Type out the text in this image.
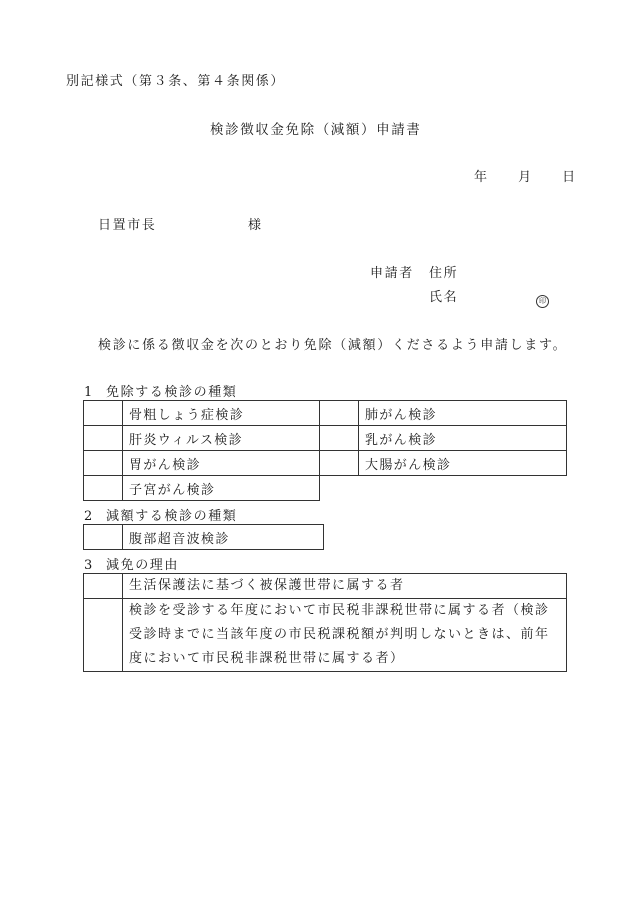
別記様式（第３条、第４条関係）
検診徴収金免除（減額）申請書
年 月 日
日置市長	様
申請者 住所
氏名	印
検診に係る徴収金を次のとおり免除（減額）くださるよう申請します。
1 免除する検診の種類
	骨粗しょう症検診		肺がん検診
	肝炎ウィルス検診		乳がん検診
	胃がん検診		大腸がん検診
	子宮がん検診		
2 減額する検診の種類
	腹部超音波検診
3 減免の理由
	生活保護法に基づく被保護世帯に属する者
	検診を受診する年度において市民税非課税世帯に属する者（検診受診時までに当該年度の市民税課税額が判明しないときは、前年度において市民税非課税世帯に属する者）
